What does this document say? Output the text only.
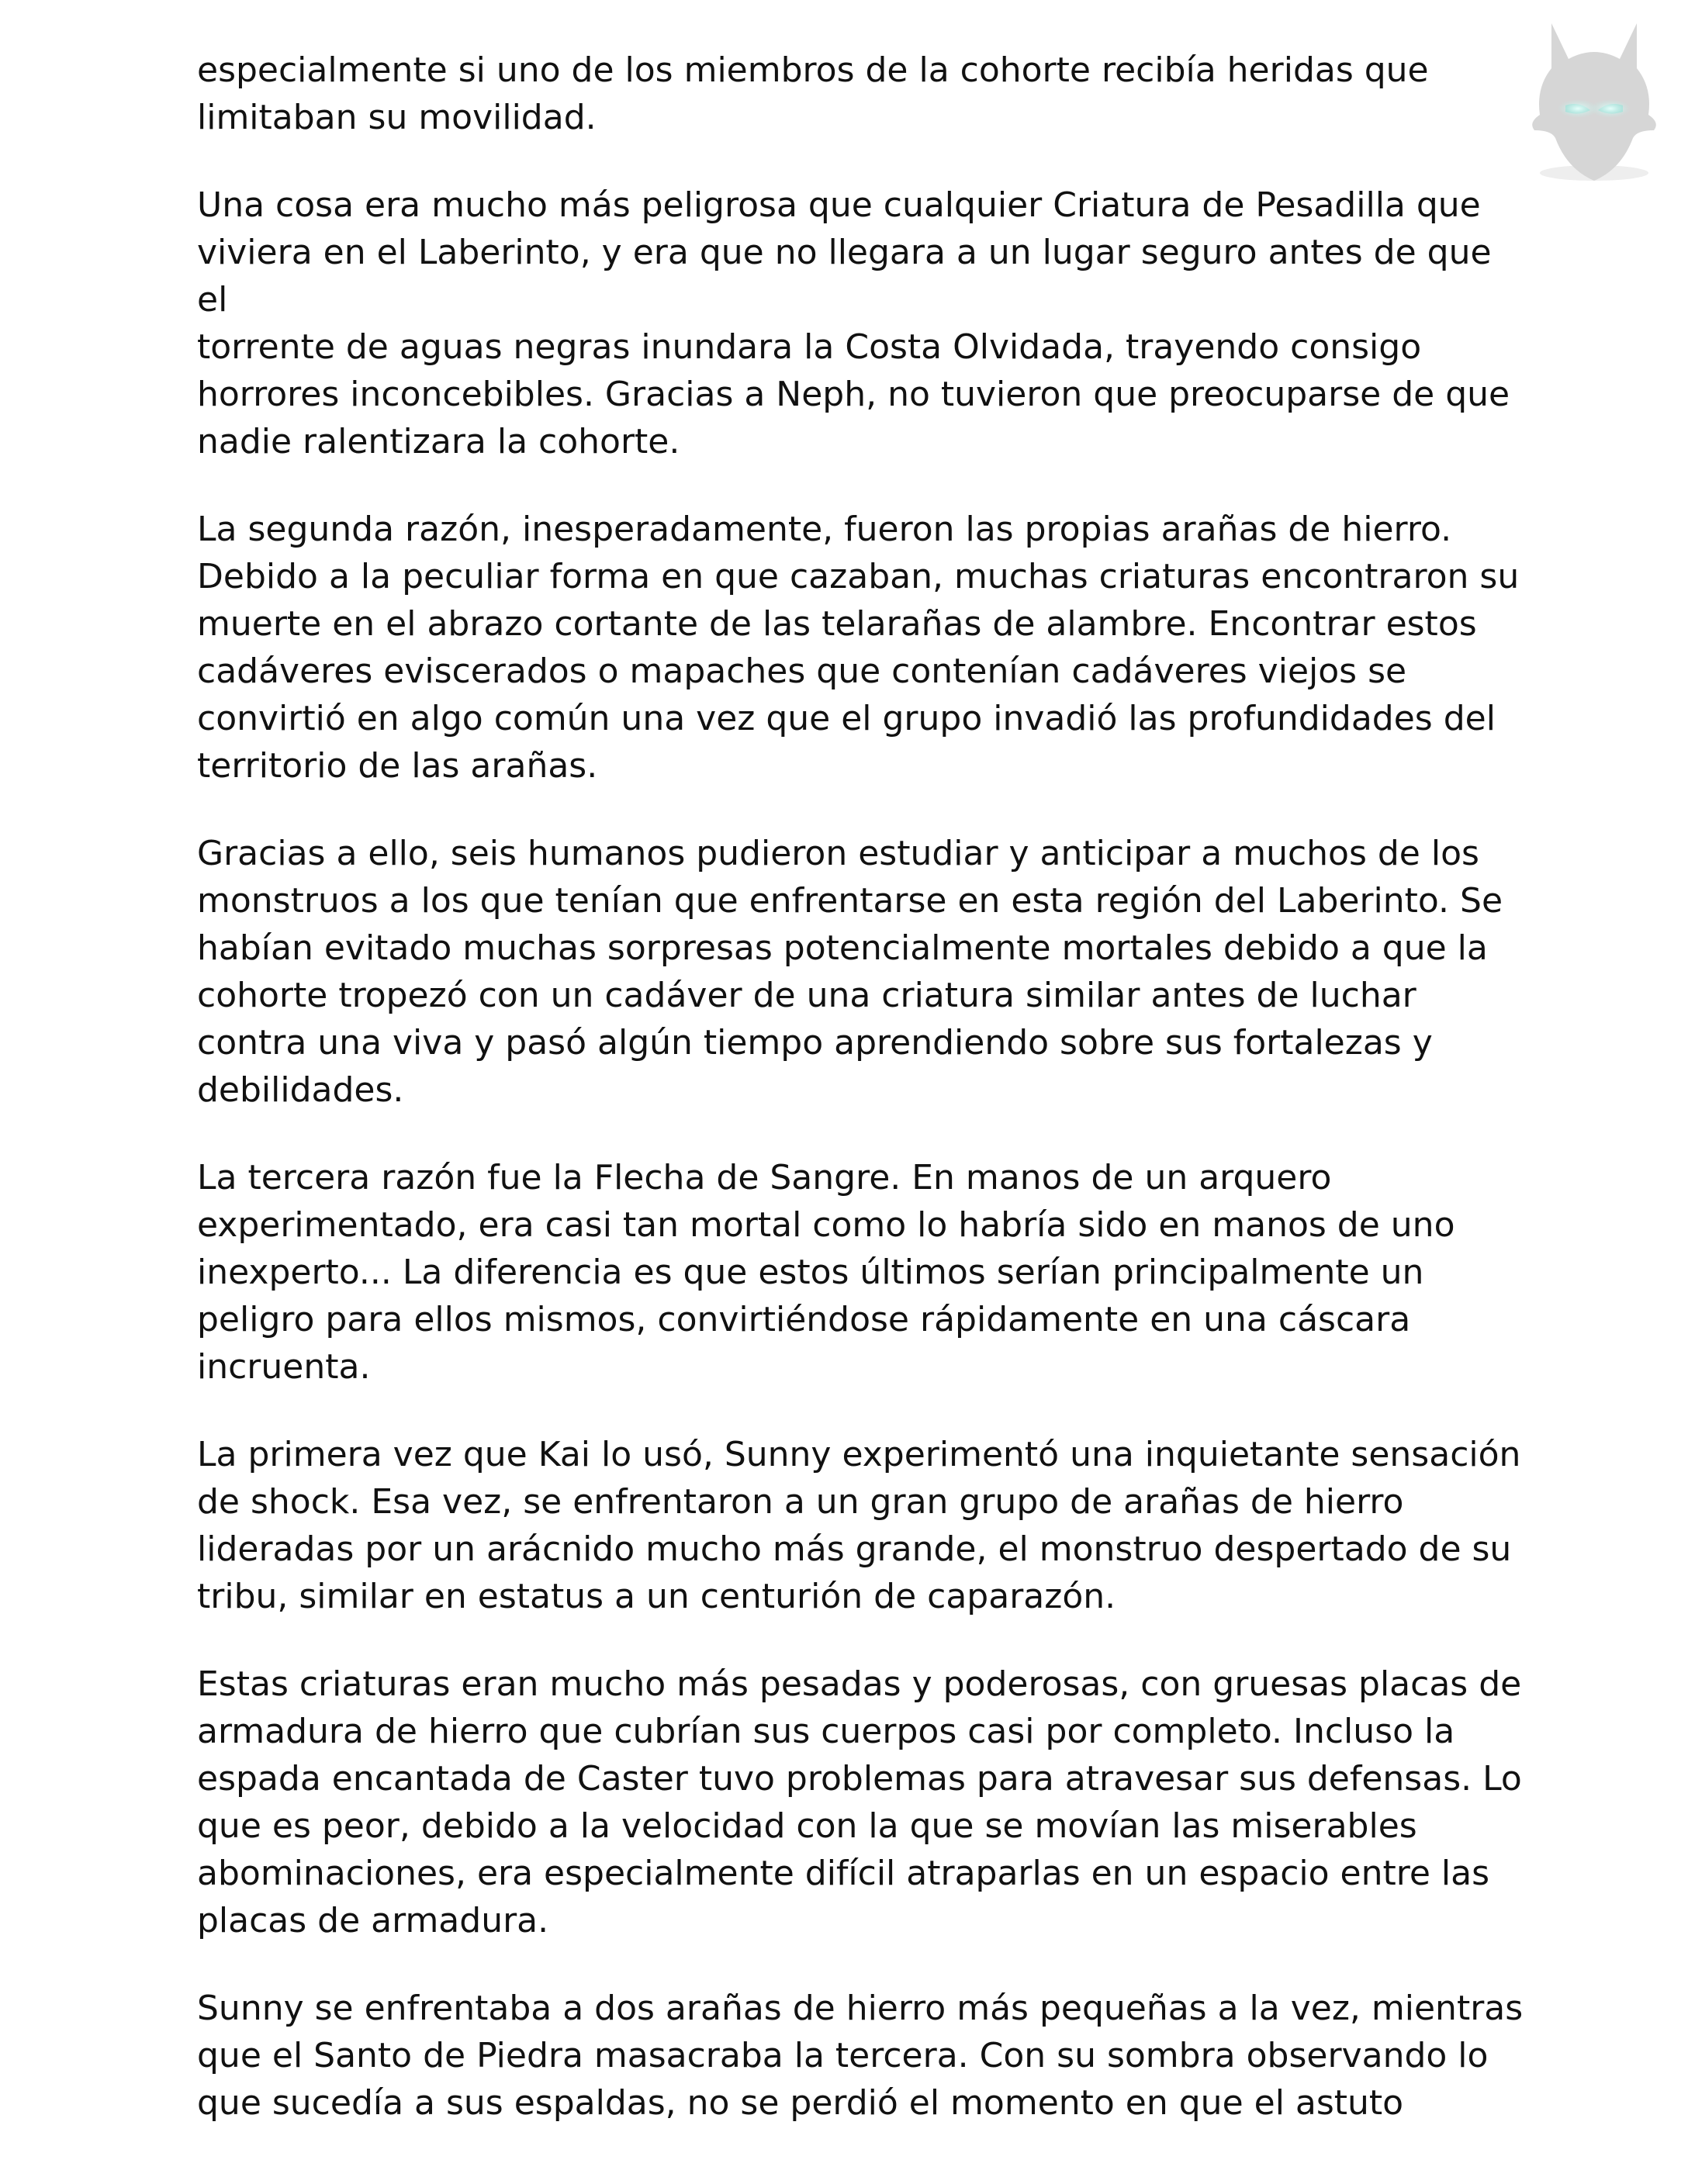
especialmente si uno de los miembros de la cohorte recibía heridas que
limitaban su movilidad.

Una cosa era mucho más peligrosa que cualquier Criatura de Pesadilla que
viviera en el Laberinto, y era que no llegara a un lugar seguro antes de que el
torrente de aguas negras inundara la Costa Olvidada, trayendo consigo
horrores inconcebibles. Gracias a Neph, no tuvieron que preocuparse de que
nadie ralentizara la cohorte.

La segunda razón, inesperadamente, fueron las propias arañas de hierro.
Debido a la peculiar forma en que cazaban, muchas criaturas encontraron su
muerte en el abrazo cortante de las telarañas de alambre. Encontrar estos
cadáveres eviscerados o mapaches que contenían cadáveres viejos se
convirtió en algo común una vez que el grupo invadió las profundidades del
territorio de las arañas.

Gracias a ello, seis humanos pudieron estudiar y anticipar a muchos de los
monstruos a los que tenían que enfrentarse en esta región del Laberinto. Se
habían evitado muchas sorpresas potencialmente mortales debido a que la
cohorte tropezó con un cadáver de una criatura similar antes de luchar
contra una viva y pasó algún tiempo aprendiendo sobre sus fortalezas y
debilidades.

La tercera razón fue la Flecha de Sangre. En manos de un arquero
experimentado, era casi tan mortal como lo habría sido en manos de uno
inexperto... La diferencia es que estos últimos serían principalmente un
peligro para ellos mismos, convirtiéndose rápidamente en una cáscara
incruenta.

La primera vez que Kai lo usó, Sunny experimentó una inquietante sensación
de shock. Esa vez, se enfrentaron a un gran grupo de arañas de hierro
lideradas por un arácnido mucho más grande, el monstruo despertado de su
tribu, similar en estatus a un centurión de caparazón.

Estas criaturas eran mucho más pesadas y poderosas, con gruesas placas de
armadura de hierro que cubrían sus cuerpos casi por completo. Incluso la
espada encantada de Caster tuvo problemas para atravesar sus defensas. Lo
que es peor, debido a la velocidad con la que se movían las miserables
abominaciones, era especialmente difícil atraparlas en un espacio entre las
placas de armadura.

Sunny se enfrentaba a dos arañas de hierro más pequeñas a la vez, mientras
que el Santo de Piedra masacraba la tercera. Con su sombra observando lo
que sucedía a sus espaldas, no se perdió el momento en que el astuto
